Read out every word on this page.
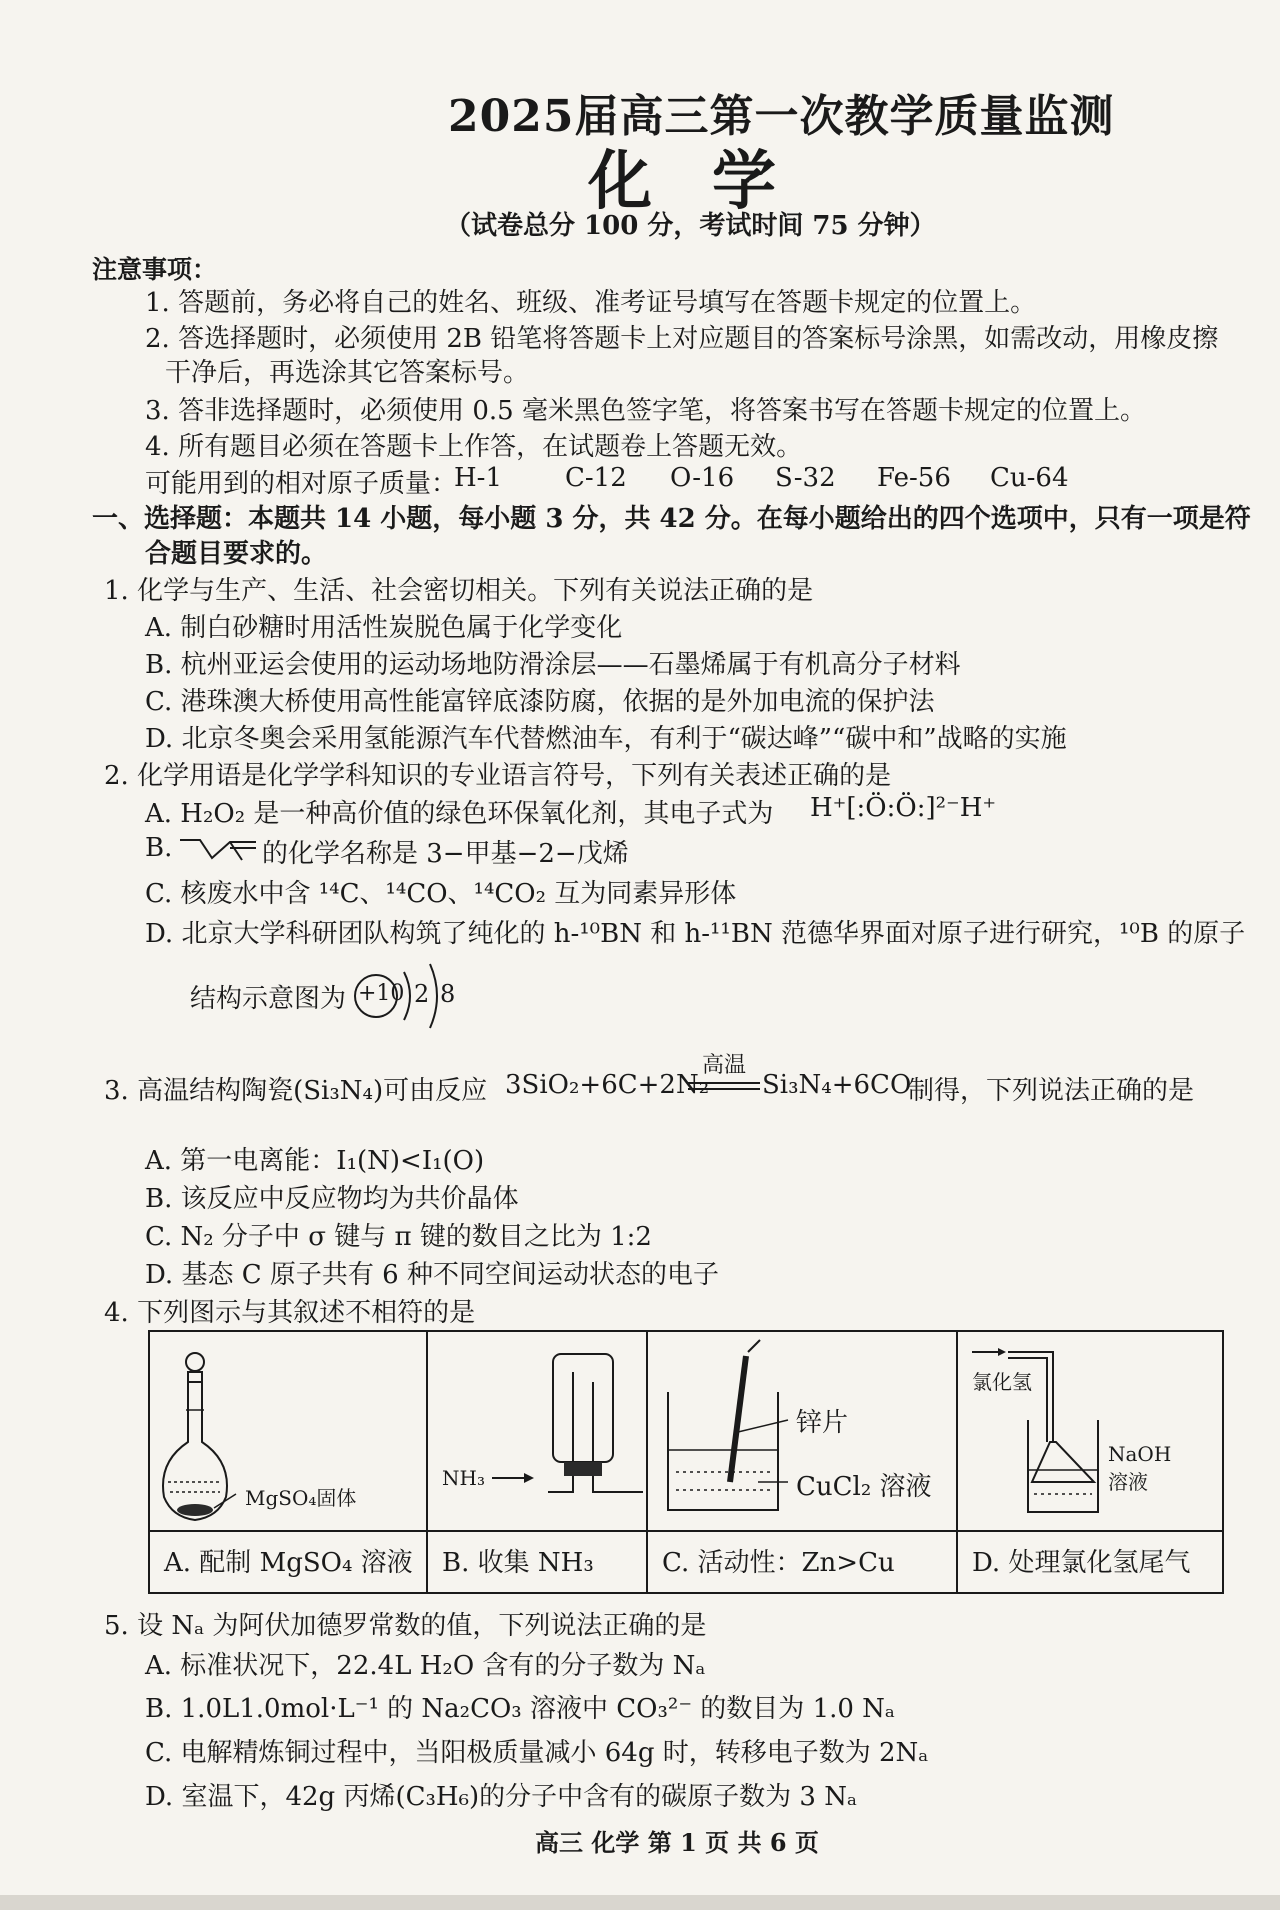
2025届高三第一次教学质量监测
化学
（试卷总分 100 分，考试时间 75 分钟）
注意事项：
1. 答题前，务必将自己的姓名、班级、准考证号填写在答题卡规定的位置上。
2. 答选择题时，必须使用 2B 铅笔将答题卡上对应题目的答案标号涂黑，如需改动，用橡皮擦
干净后，再选涂其它答案标号。
3. 答非选择题时，必须使用 0.5 毫米黑色签字笔，将答案书写在答题卡规定的位置上。
4. 所有题目必须在答题卡上作答，在试题卷上答题无效。
可能用到的相对原子质量：
H-1 C-12 O-16 S-32 Fe-56 Cu-64
一、选择题：本题共 14 小题，每小题 3 分，共 42 分。在每小题给出的四个选项中，只有一项是符
合题目要求的。
1. 化学与生产、生活、社会密切相关。下列有关说法正确的是
A. 制白砂糖时用活性炭脱色属于化学变化
B. 杭州亚运会使用的运动场地防滑涂层——石墨烯属于有机高分子材料
C. 港珠澳大桥使用高性能富锌底漆防腐，依据的是外加电流的保护法
D. 北京冬奥会采用氢能源汽车代替燃油车，有利于“碳达峰”“碳中和”战略的实施
2. 化学用语是化学学科知识的专业语言符号，下列有关表述正确的是
A. H₂O₂ 是一种高价值的绿色环保氧化剂，其电子式为 H⁺[:Ö:Ö:]²⁻H⁺
B.	的化学名称是 3−甲基−2−戊烯
C. 核废水中含 ¹⁴C、¹⁴CO、¹⁴CO₂ 互为同素异形体
D. 北京大学科研团队构筑了纯化的 h-¹⁰BN 和 h-¹¹BN 范德华界面对原子进行研究，¹⁰B 的原子
结构示意图为 +10 2 8
3. 高温结构陶瓷(Si₃N₄)可由反应 3SiO₂+6C+2N₂
高温
Si₃N₄+6CO
制得，下列说法正确的是
A. 第一电离能：I₁(N)<I₁(O)
B. 该反应中反应物均为共价晶体
C. N₂ 分子中 σ 键与 π 键的数目之比为 1:2
D. 基态 C 原子共有 6 种不同空间运动状态的电子
4. 下列图示与其叙述不相符的是
MgSO₄固体
A. 配制 MgSO₄ 溶液
NH₃
B. 收集 NH₃
锌片
CuCl₂ 溶液
C. 活动性：Zn>Cu
氯化氢
NaOH
溶液
D. 处理氯化氢尾气
5. 设 Nₐ 为阿伏加德罗常数的值，下列说法正确的是
A. 标准状况下，22.4L H₂O 含有的分子数为 Nₐ
B. 1.0L1.0mol·L⁻¹ 的 Na₂CO₃ 溶液中 CO₃²⁻ 的数目为 1.0 Nₐ
C. 电解精炼铜过程中，当阳极质量减小 64g 时，转移电子数为 2Nₐ
D. 室温下，42g 丙烯(C₃H₆)的分子中含有的碳原子数为 3 Nₐ
高三 化学 第 1 页 共 6 页
